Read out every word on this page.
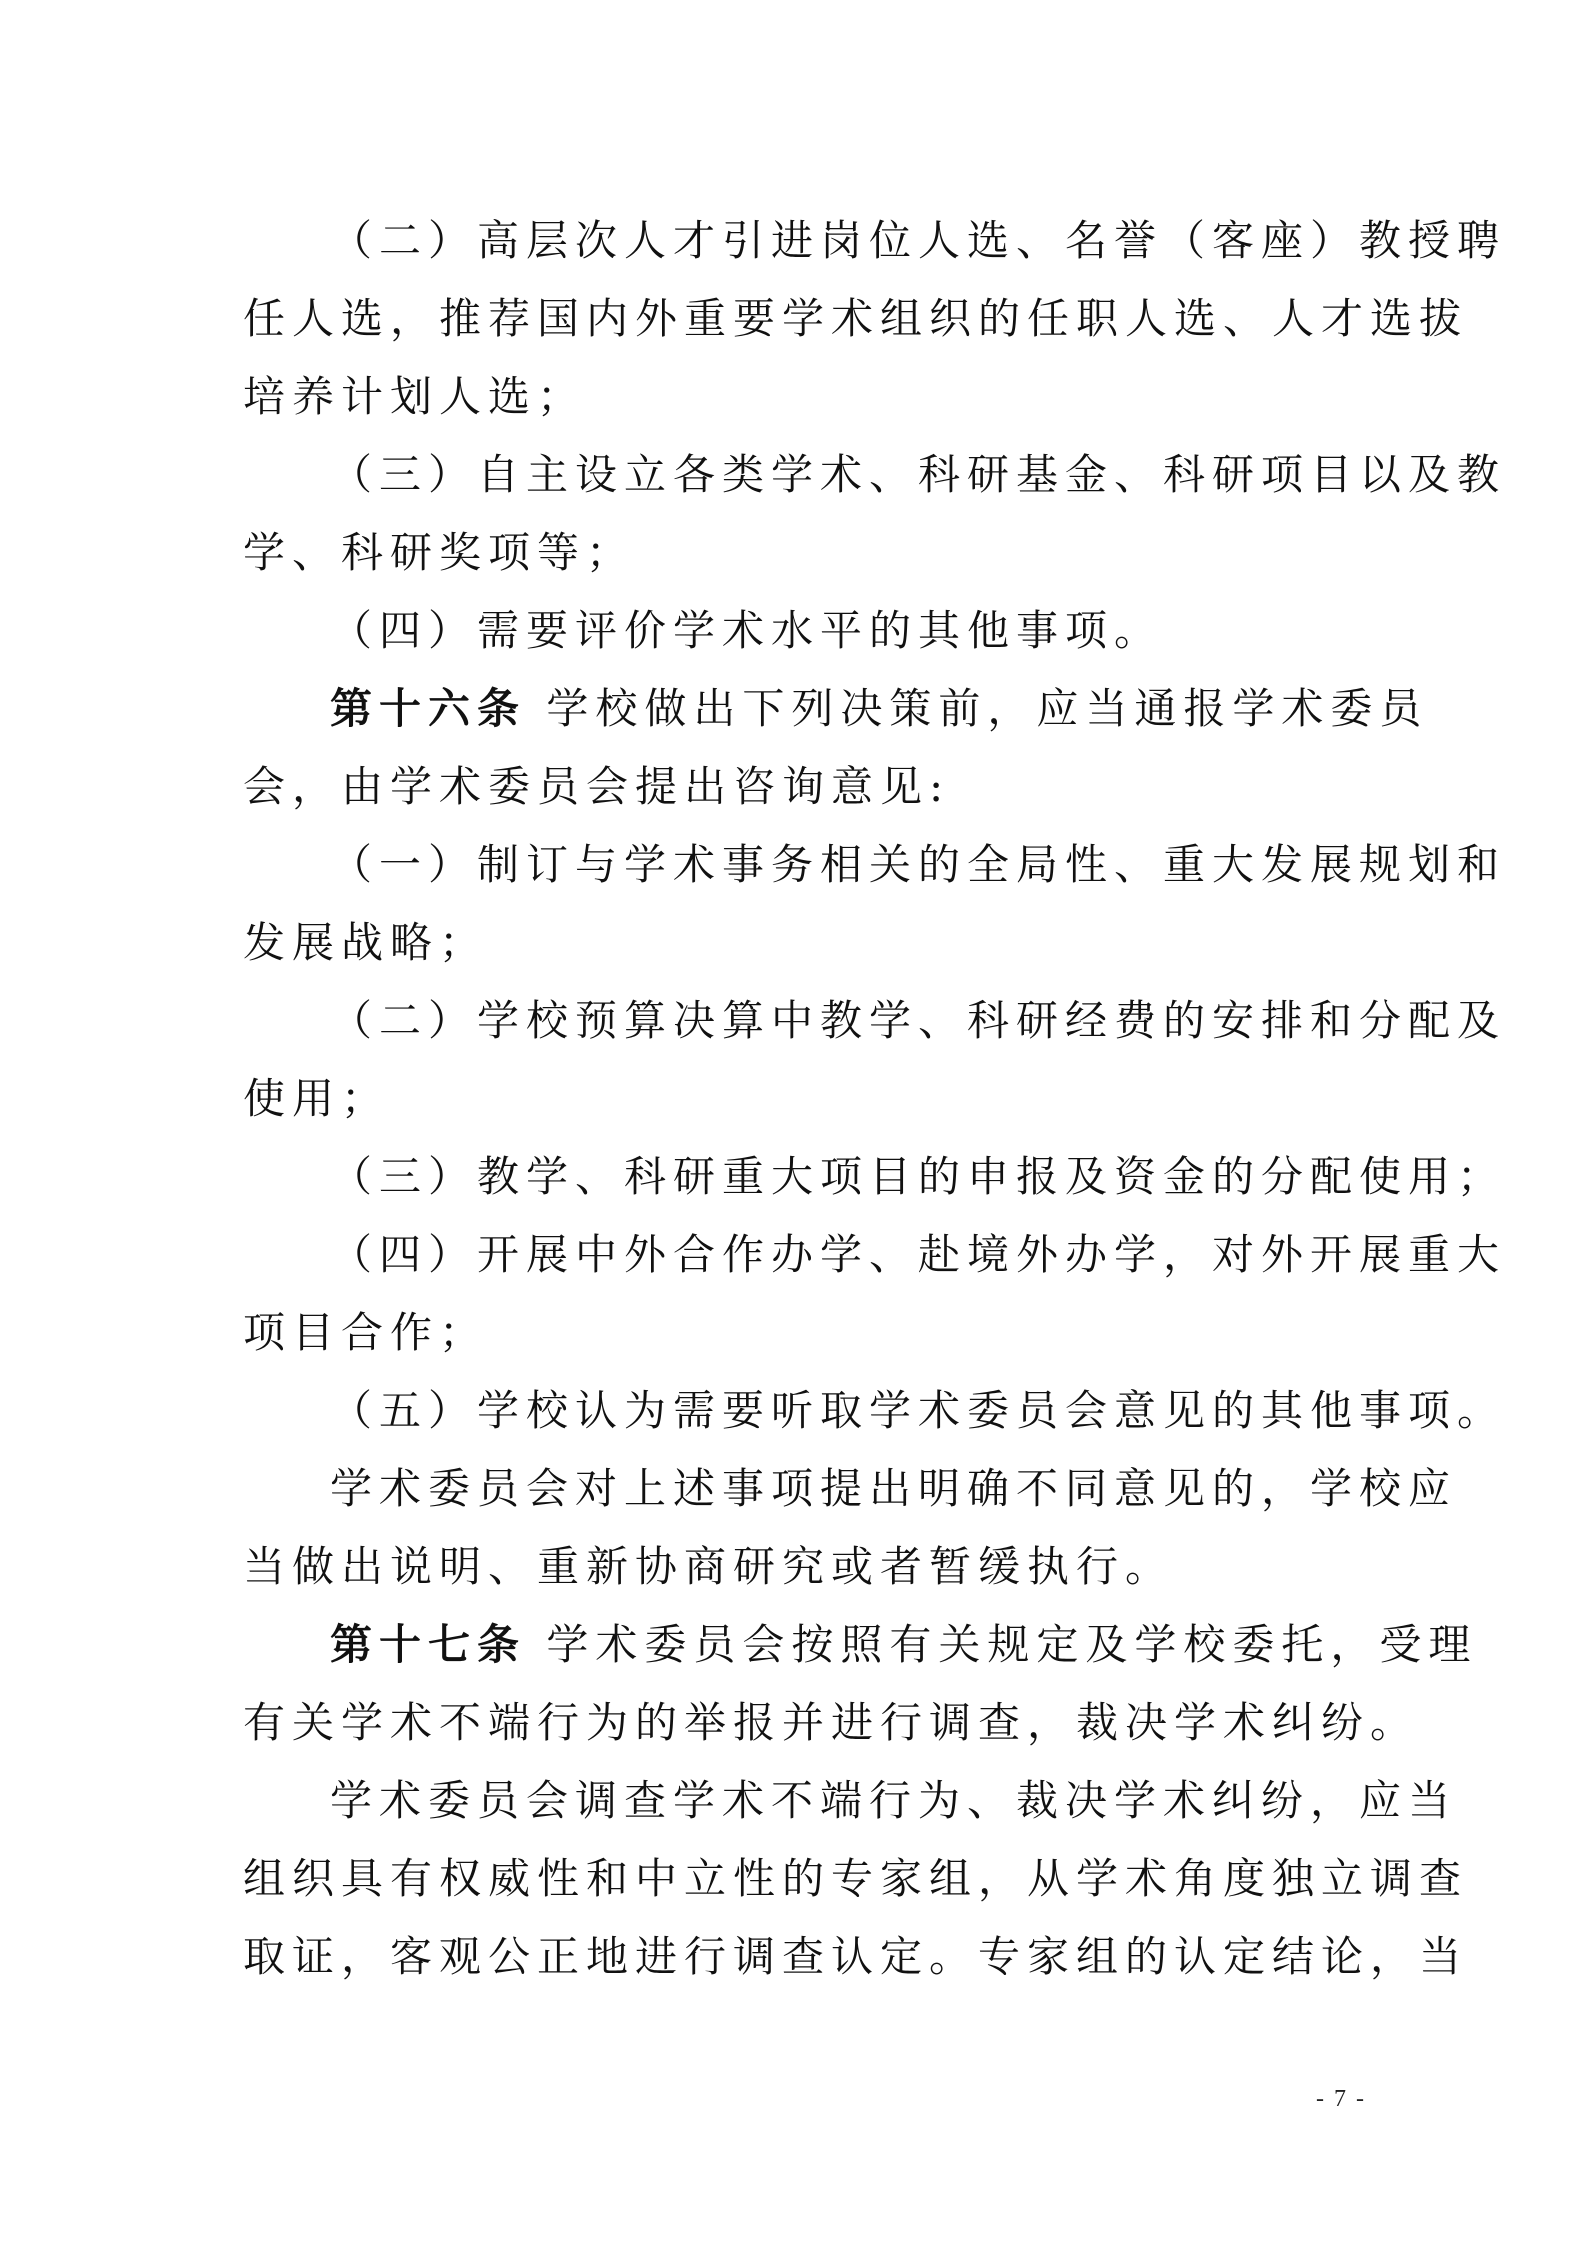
（二）高层次人才引进岗位人选、名誉（客座）教授聘
任人选，推荐国内外重要学术组织的任职人选、人才选拔
培养计划人选；
（三）自主设立各类学术、科研基金、科研项目以及教
学、科研奖项等；
（四）需要评价学术水平的其他事项。
第十六条 学校做出下列决策前，应当通报学术委员
会，由学术委员会提出咨询意见:
（一）制订与学术事务相关的全局性、重大发展规划和
发展战略；
（二）学校预算决算中教学、科研经费的安排和分配及
使用；
（三）教学、科研重大项目的申报及资金的分配使用；
（四）开展中外合作办学、赴境外办学，对外开展重大
项目合作；
（五）学校认为需要听取学术委员会意见的其他事项。
学术委员会对上述事项提出明确不同意见的，学校应
当做出说明、重新协商研究或者暂缓执行。
第十七条 学术委员会按照有关规定及学校委托，受理
有关学术不端行为的举报并进行调查，裁决学术纠纷。
学术委员会调查学术不端行为、裁决学术纠纷，应当
组织具有权威性和中立性的专家组，从学术角度独立调查
取证，客观公正地进行调查认定。专家组的认定结论，当
- 7 -
